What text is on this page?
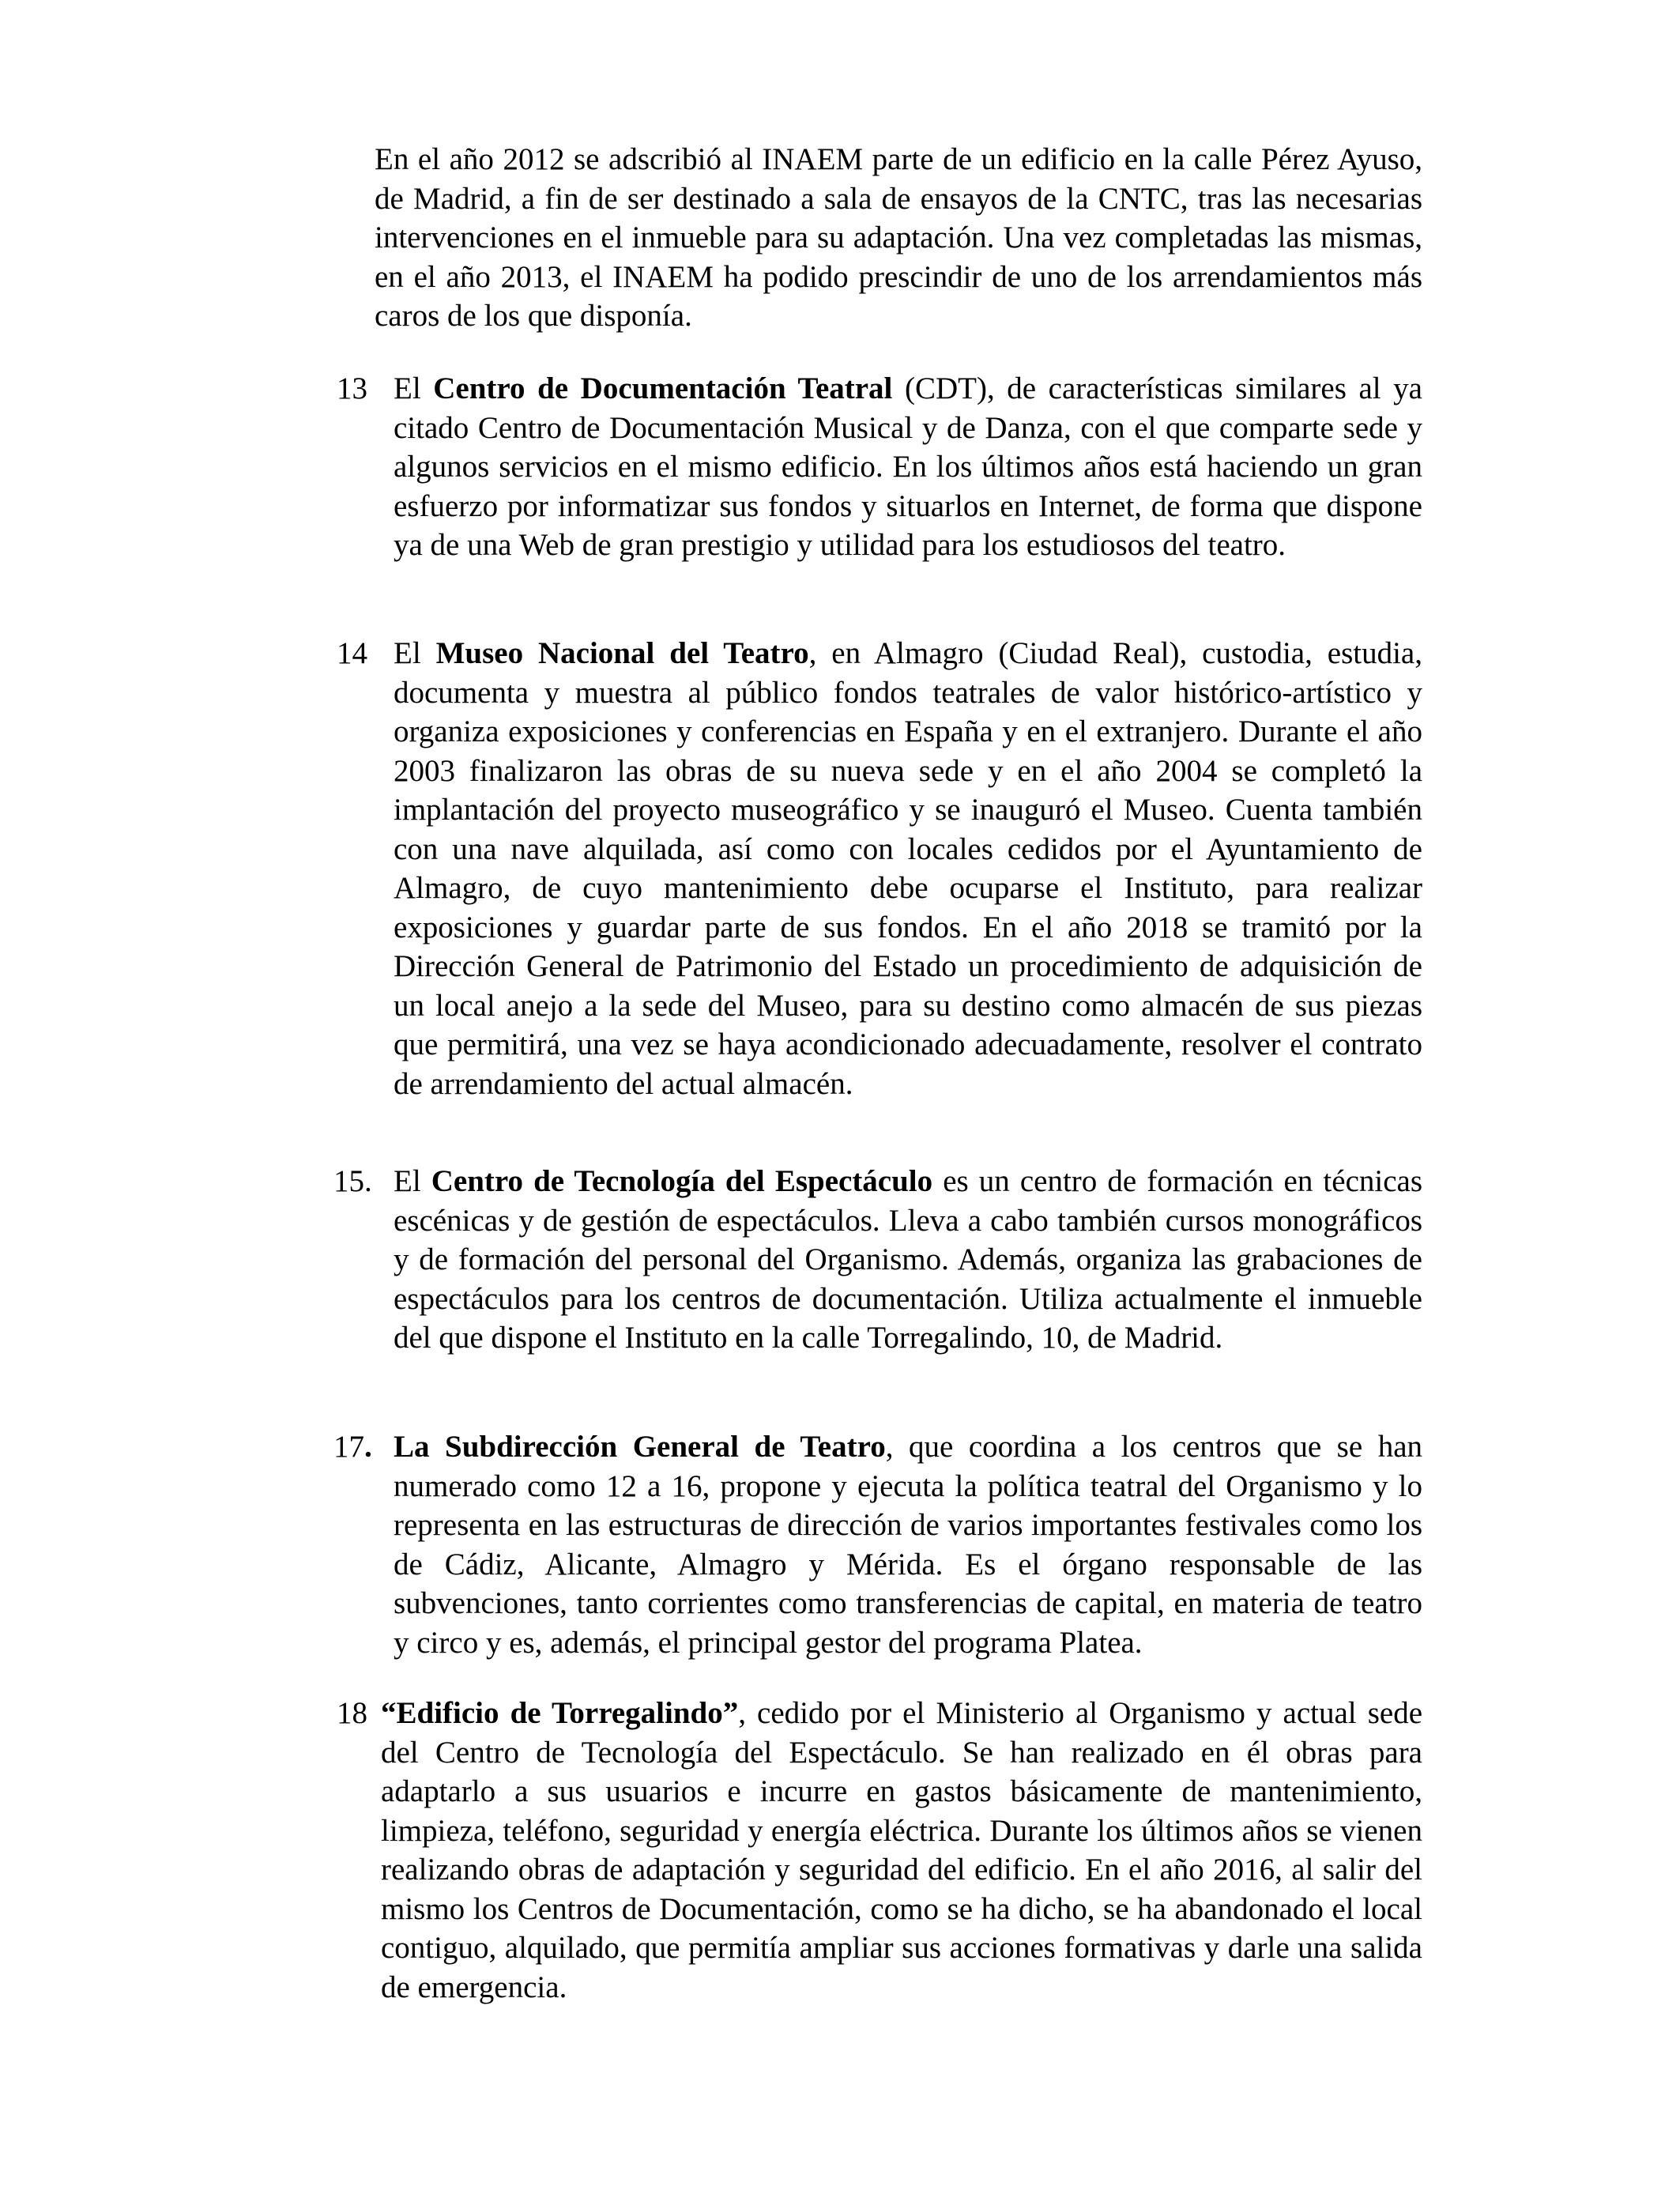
En el año 2012 se adscribió al INAEM parte de un edificio en la calle Pérez Ayuso, de Madrid, a fin de ser destinado a sala de ensayos de la CNTC, tras las necesarias intervenciones en el inmueble para su adaptación. Una vez completadas las mismas, en el año 2013, el INAEM ha podido prescindir de uno de los arrendamientos más caros de los que disponía.

13 El Centro de Documentación Teatral (CDT), de características similares al ya citado Centro de Documentación Musical y de Danza, con el que comparte sede y algunos servicios en el mismo edificio. En los últimos años está haciendo un gran esfuerzo por informatizar sus fondos y situarlos en Internet, de forma que dispone ya de una Web de gran prestigio y utilidad para los estudiosos del teatro.

14 El Museo Nacional del Teatro, en Almagro (Ciudad Real), custodia, estudia, documenta y muestra al público fondos teatrales de valor histórico-artístico y organiza exposiciones y conferencias en España y en el extranjero. Durante el año 2003 finalizaron las obras de su nueva sede y en el año 2004 se completó la implantación del proyecto museográfico y se inauguró el Museo. Cuenta también con una nave alquilada, así como con locales cedidos por el Ayuntamiento de Almagro, de cuyo mantenimiento debe ocuparse el Instituto, para realizar exposiciones y guardar parte de sus fondos. En el año 2018 se tramitó por la Dirección General de Patrimonio del Estado un procedimiento de adquisición de un local anejo a la sede del Museo, para su destino como almacén de sus piezas que permitirá, una vez se haya acondicionado adecuadamente, resolver el contrato de arrendamiento del actual almacén.

15. El Centro de Tecnología del Espectáculo es un centro de formación en técnicas escénicas y de gestión de espectáculos. Lleva a cabo también cursos monográficos y de formación del personal del Organismo. Además, organiza las grabaciones de espectáculos para los centros de documentación. Utiliza actualmente el inmueble del que dispone el Instituto en la calle Torregalindo, 10, de Madrid.

17. La Subdirección General de Teatro, que coordina a los centros que se han numerado como 12 a 16, propone y ejecuta la política teatral del Organismo y lo representa en las estructuras de dirección de varios importantes festivales como los de Cádiz, Alicante, Almagro y Mérida. Es el órgano responsable de las subvenciones, tanto corrientes como transferencias de capital, en materia de teatro y circo y es, además, el principal gestor del programa Platea.

18 “Edificio de Torregalindo”, cedido por el Ministerio al Organismo y actual sede del Centro de Tecnología del Espectáculo. Se han realizado en él obras para adaptarlo a sus usuarios e incurre en gastos básicamente de mantenimiento, limpieza, teléfono, seguridad y energía eléctrica. Durante los últimos años se vienen realizando obras de adaptación y seguridad del edificio. En el año 2016, al salir del mismo los Centros de Documentación, como se ha dicho, se ha abandonado el local contiguo, alquilado, que permitía ampliar sus acciones formativas y darle una salida de emergencia.
